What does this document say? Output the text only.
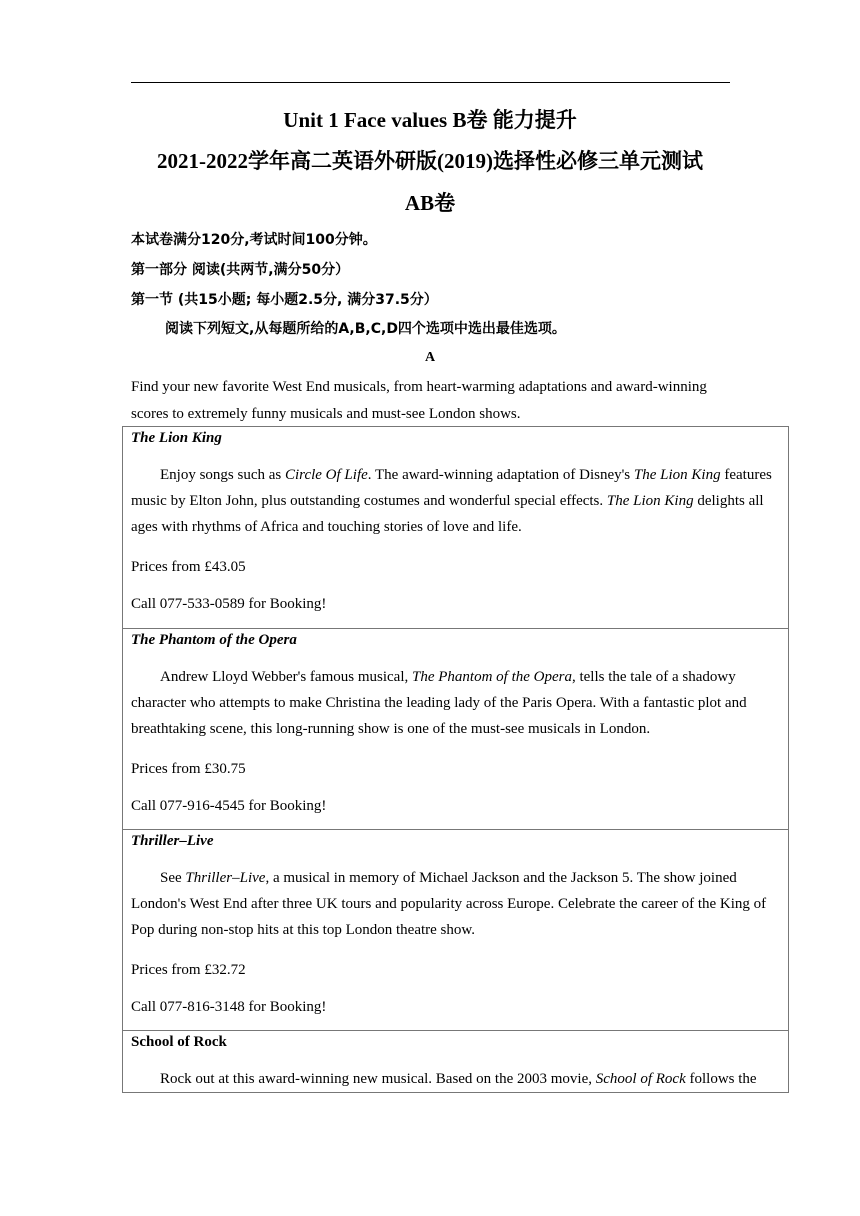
Unit 1 Face values B卷 能力提升
2021-2022学年高二英语外研版(2019)选择性必修三单元测试
AB卷
本试卷满分120分,考试时间100分钟。
第一部分 阅读(共两节,满分50分）
第一节 (共15小题; 每小题2.5分, 满分37.5分）
阅读下列短文,从每题所给的A,B,C,D四个选项中选出最佳选项。
A
Find your new favorite West End musicals, from heart-warming adaptations and award-winning scores to extremely funny musicals and must-see London shows.
The Lion King
Enjoy songs such as Circle Of Life. The award-winning adaptation of Disney's The Lion King features music by Elton John, plus outstanding costumes and wonderful special effects. The Lion King delights all ages with rhythms of Africa and touching stories of love and life.
Prices from £43.05
Call 077-533-0589 for Booking!
The Phantom of the Opera
Andrew Lloyd Webber's famous musical, The Phantom of the Opera, tells the tale of a shadowy character who attempts to make Christina the leading lady of the Paris Opera. With a fantastic plot and breathtaking scene, this long-running show is one of the must-see musicals in London.
Prices from £30.75
Call 077-916-4545 for Booking!
Thriller–Live
See Thriller–Live, a musical in memory of Michael Jackson and the Jackson 5. The show joined London's West End after three UK tours and popularity across Europe. Celebrate the career of the King of Pop during non-stop hits at this top London theatre show.
Prices from £32.72
Call 077-816-3148 for Booking!
School of Rock
Rock out at this award-winning new musical. Based on the 2003 movie, School of Rock follows the
